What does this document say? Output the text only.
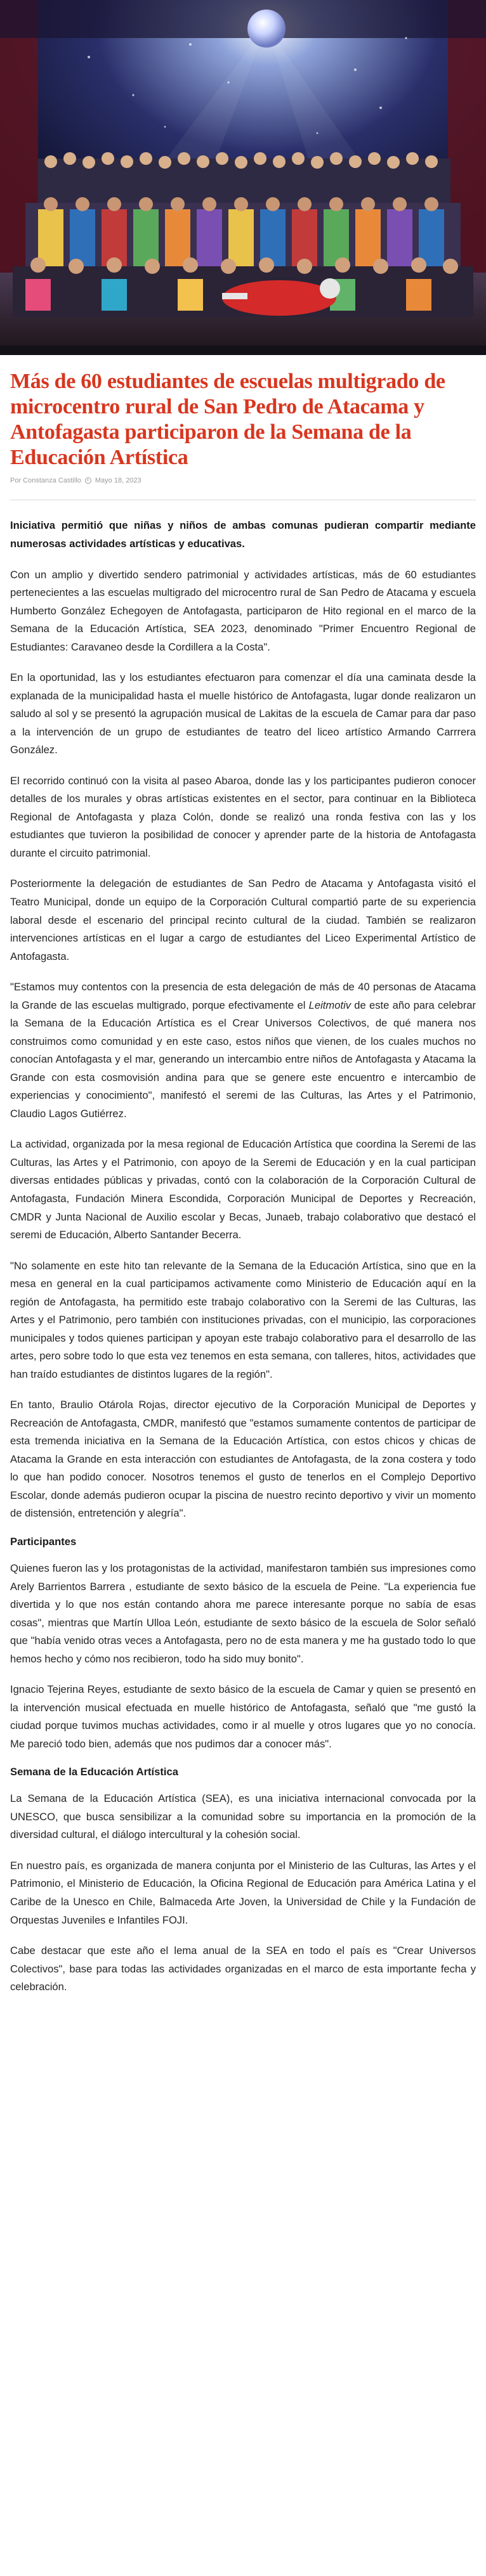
Más de 60 estudiantes de escuelas multigrado de microcentro rural de San Pedro de Atacama y Antofagasta participaron de la Semana de la Educación Artística
Por Constanza Castillo Mayo 18, 2023

Iniciativa permitió que niñas y niños de ambas comunas pudieran compartir mediante numerosas actividades artísticas y educativas.

Con un amplio y divertido sendero patrimonial y actividades artísticas, más de 60 estudiantes pertenecientes a las escuelas multigrado del microcentro rural de San Pedro de Atacama y escuela Humberto González Echegoyen de Antofagasta, participaron de Hito regional en el marco de la Semana de la Educación Artística, SEA 2023, denominado "Primer Encuentro Regional de Estudiantes: Caravaneo desde la Cordillera a la Costa".

En la oportunidad, las y los estudiantes efectuaron para comenzar el día una caminata desde la explanada de la municipalidad hasta el muelle histórico de Antofagasta, lugar donde realizaron un saludo al sol y se presentó la agrupación musical de Lakitas de la escuela de Camar para dar paso a la intervención de un grupo de estudiantes de teatro del liceo artístico Armando Carrrera González.

El recorrido continuó con la visita al paseo Abaroa, donde las y los participantes pudieron conocer detalles de los murales y obras artísticas existentes en el sector, para continuar en la Biblioteca Regional de Antofagasta y plaza Colón, donde se realizó una ronda festiva con las y los estudiantes que tuvieron la posibilidad de conocer y aprender parte de la historia de Antofagasta durante el circuito patrimonial.

Posteriormente la delegación de estudiantes de San Pedro de Atacama y Antofagasta visitó el Teatro Municipal, donde un equipo de la Corporación Cultural compartió parte de su experiencia laboral desde el escenario del principal recinto cultural de la ciudad. También se realizaron intervenciones artísticas en el lugar a cargo de estudiantes del Liceo Experimental Artístico de Antofagasta.

"Estamos muy contentos con la presencia de esta delegación de más de 40 personas de Atacama la Grande de las escuelas multigrado, porque efectivamente el Leitmotiv de este año para celebrar la Semana de la Educación Artística es el Crear Universos Colectivos, de qué manera nos construimos como comunidad y en este caso, estos niños que vienen, de los cuales muchos no conocían Antofagasta y el mar, generando un intercambio entre niños de Antofagasta y Atacama la Grande con esta cosmovisión andina para que se genere este encuentro e intercambio de experiencias y conocimiento", manifestó el seremi de las Culturas, las Artes y el Patrimonio, Claudio Lagos Gutiérrez.

La actividad, organizada por la mesa regional de Educación Artística que coordina la Seremi de las Culturas, las Artes y el Patrimonio, con apoyo de la Seremi de Educación y en la cual participan diversas entidades públicas y privadas, contó con la colaboración de la Corporación Cultural de Antofagasta, Fundación Minera Escondida, Corporación Municipal de Deportes y Recreación, CMDR y Junta Nacional de Auxilio escolar y Becas, Junaeb, trabajo colaborativo que destacó el seremi de Educación, Alberto Santander Becerra.

"No solamente en este hito tan relevante de la Semana de la Educación Artística, sino que en la mesa en general en la cual participamos activamente como Ministerio de Educación aquí en la región de Antofagasta, ha permitido este trabajo colaborativo con la Seremi de las Culturas, las Artes y el Patrimonio, pero también con instituciones privadas, con el municipio, las corporaciones municipales y todos quienes participan y apoyan este trabajo colaborativo para el desarrollo de las artes, pero sobre todo lo que esta vez tenemos en esta semana, con talleres, hitos, actividades que han traído estudiantes de distintos lugares de la región".

En tanto, Braulio Otárola Rojas, director ejecutivo de la Corporación Municipal de Deportes y Recreación de Antofagasta, CMDR, manifestó que "estamos sumamente contentos de participar de esta tremenda iniciativa en la Semana de la Educación Artística, con estos chicos y chicas de Atacama la Grande en esta interacción con estudiantes de Antofagasta, de la zona costera y todo lo que han podido conocer. Nosotros tenemos el gusto de tenerlos en el Complejo Deportivo Escolar, donde además pudieron ocupar la piscina de nuestro recinto deportivo y vivir un momento de distensión, entretención y alegría".

Participantes

Quienes fueron las y los protagonistas de la actividad, manifestaron también sus impresiones como Arely Barrientos Barrera , estudiante de sexto básico de la escuela de Peine. "La experiencia fue divertida y lo que nos están contando ahora me parece interesante porque no sabía de esas cosas", mientras que Martín Ulloa León, estudiante de sexto básico de la escuela de Solor señaló que "había venido otras veces a Antofagasta, pero no de esta manera y me ha gustado todo lo que hemos hecho y cómo nos recibieron, todo ha sido muy bonito".

Ignacio Tejerina Reyes, estudiante de sexto básico de la escuela de Camar y quien se presentó en la intervención musical efectuada en muelle histórico de Antofagasta, señaló que "me gustó la ciudad porque tuvimos muchas actividades, como ir al muelle y otros lugares que yo no conocía. Me pareció todo bien, además que nos pudimos dar a conocer más".

Semana de la Educación Artística

La Semana de la Educación Artística (SEA), es una iniciativa internacional convocada por la UNESCO, que busca sensibilizar a la comunidad sobre su importancia en la promoción de la diversidad cultural, el diálogo intercultural y la cohesión social.

En nuestro país, es organizada de manera conjunta por el Ministerio de las Culturas, las Artes y el Patrimonio, el Ministerio de Educación, la Oficina Regional de Educación para América Latina y el Caribe de la Unesco en Chile, Balmaceda Arte Joven, la Universidad de Chile y la Fundación de Orquestas Juveniles e Infantiles FOJI.

Cabe destacar que este año el lema anual de la SEA en todo el país es "Crear Universos Colectivos", base para todas las actividades organizadas en el marco de esta importante fecha y celebración.
